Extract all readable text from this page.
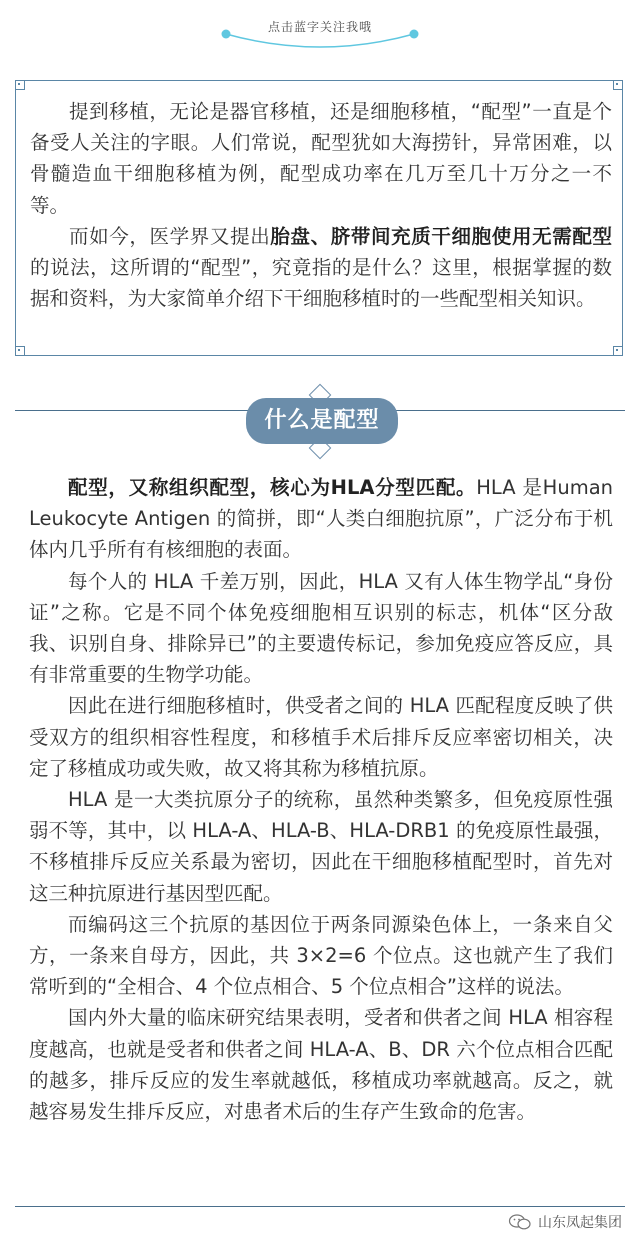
点击蓝字关注我哦

提到移植，无论是器官移植，还是细胞移植，“配型”一直是个备受人关注的字眼。人们常说，配型犹如大海捞针，异常困难，以骨髓造血干细胞移植为例，配型成功率在几万至几十万分之一不等。

而如今，医学界又提出胎盘、脐带间充质干细胞使用无需配型的说法，这所谓的“配型”，究竟指的是什么？这里，根据掌握的数据和资料，为大家简单介绍下干细胞移植时的一些配型相关知识。

什么是配型

配型，又称组织配型，核心为HLA分型匹配。HLA 是Human Leukocyte Antigen 的简拼，即“人类白细胞抗原”，广泛分布于机体内几乎所有有核细胞的表面。

每个人的 HLA 千差万别，因此，HLA 又有人体生物学乩“身份证”之称。它是不同个体免疫细胞相互识别的标志，机体“区分敌我、识别自身、排除异已”的主要遗传标记，参加免疫应答反应，具有非常重要的生物学功能。

因此在进行细胞移植时，供受者之间的 HLA 匹配程度反映了供受双方的组织相容性程度，和移植手术后排斥反应率密切相关，决定了移植成功或失败，故又将其称为移植抗原。

HLA 是一大类抗原分子的统称，虽然种类繁多，但免疫原性强弱不等，其中，以 HLA-A、HLA-B、HLA-DRB1 的免疫原性最强，不移植排斥反应关系最为密切，因此在干细胞移植配型时，首先对这三种抗原进行基因型匹配。

而编码这三个抗原的基因位于两条同源染色体上，一条来自父方，一条来自母方，因此，共 3×2=6 个位点。这也就产生了我们常听到的“全相合、4 个位点相合、5 个位点相合”这样的说法。

国内外大量的临床研究结果表明，受者和供者之间 HLA 相容程度越高，也就是受者和供者之间 HLA-A、B、DR 六个位点相合匹配的越多，排斥反应的发生率就越低，移植成功率就越高。反之，就越容易发生排斥反应，对患者术后的生存产生致命的危害。

山东凤起集团
